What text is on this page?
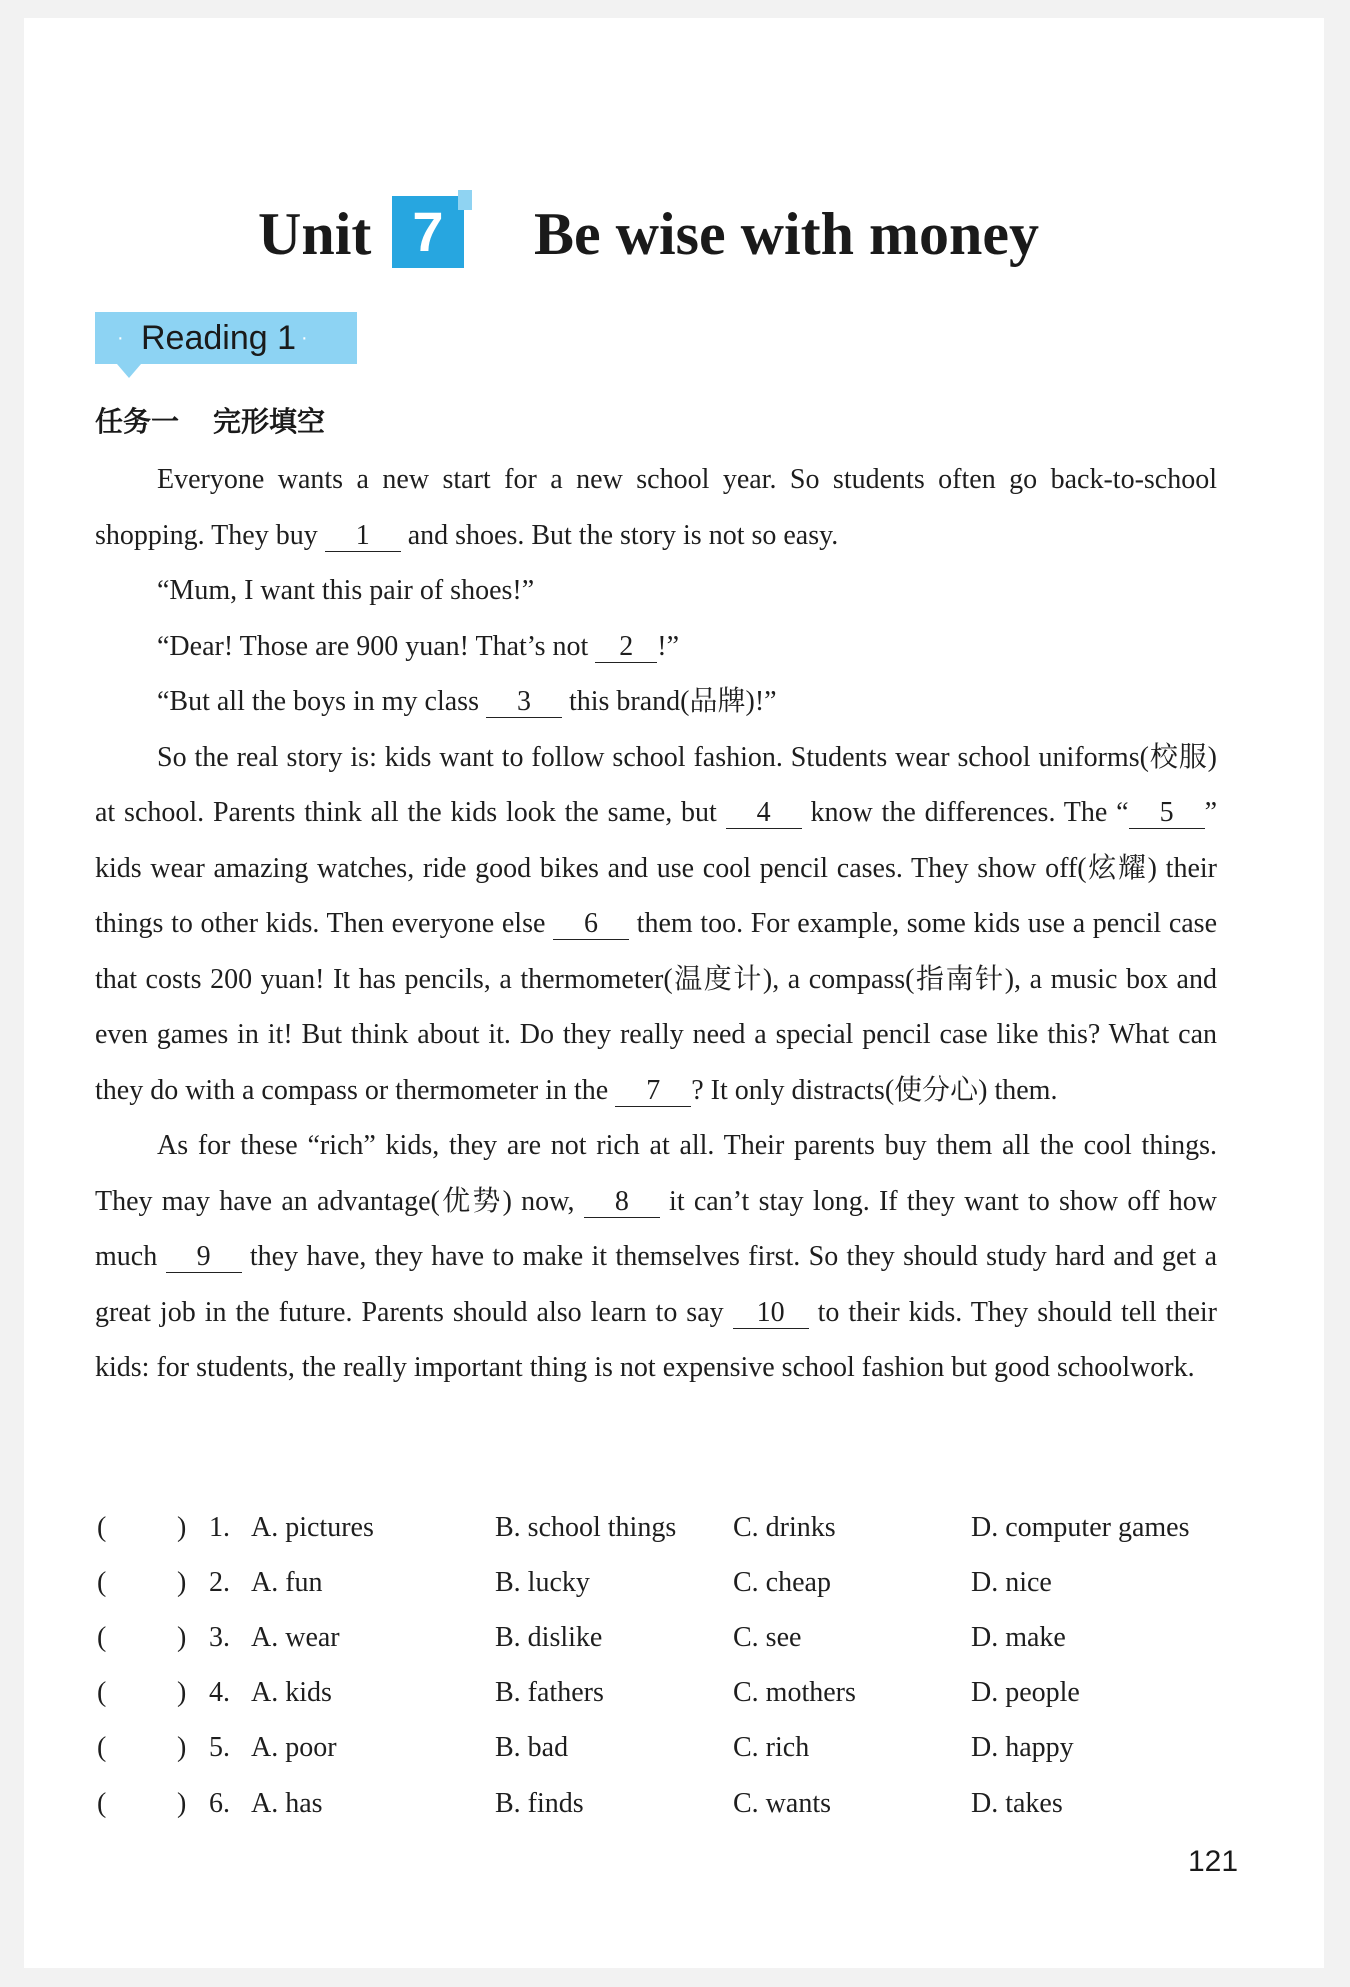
Unit 7	Be wise with money
· Reading 1 ·
任务一 完形填空

Everyone wants a new start for a new school year. So students often go back-to-school shopping. They buy 1 and shoes. But the story is not so easy.

“Mum, I want this pair of shoes!”

“Dear! Those are 900 yuan! That’s not 2 !”

“But all the boys in my class 3 this brand(品牌)!”

So the real story is: kids want to follow school fashion. Students wear school uniforms(校服) at school. Parents think all the kids look the same, but 4 know the differences. The “ 5 ” kids wear amazing watches, ride good bikes and use cool pencil cases. They show off(炫耀) their things to other kids. Then everyone else 6 them too. For example, some kids use a pencil case that costs 200 yuan! It has pencils, a thermometer(温度计), a compass(指南针), a music box and even games in it! But think about it. Do they really need a special pencil case like this? What can they do with a compass or thermometer in the 7 ? It only distracts(使分心) them.

As for these “rich” kids, they are not rich at all. Their parents buy them all the cool things. They may have an advantage(优势) now, 8 it can’t stay long. If they want to show off how much 9 they have, they have to make it themselves first. So they should study hard and get a great job in the future. Parents should also learn to say 10 to their kids. They should tell their kids: for students, the really important thing is not expensive school fashion but good schoolwork.

(	) 1. A. pictures	B. school things C. drinks	D. computer games
(	) 2. A. fun	B. lucky	C. cheap	D. nice
(	) 3. A. wear	B. dislike	C. see	D. make
(	) 4. A. kids	B. fathers	C. mothers	D. people
(	) 5. A. poor	B. bad	C. rich	D. happy
(	) 6. A. has	B. finds	C. wants	D. takes
121
